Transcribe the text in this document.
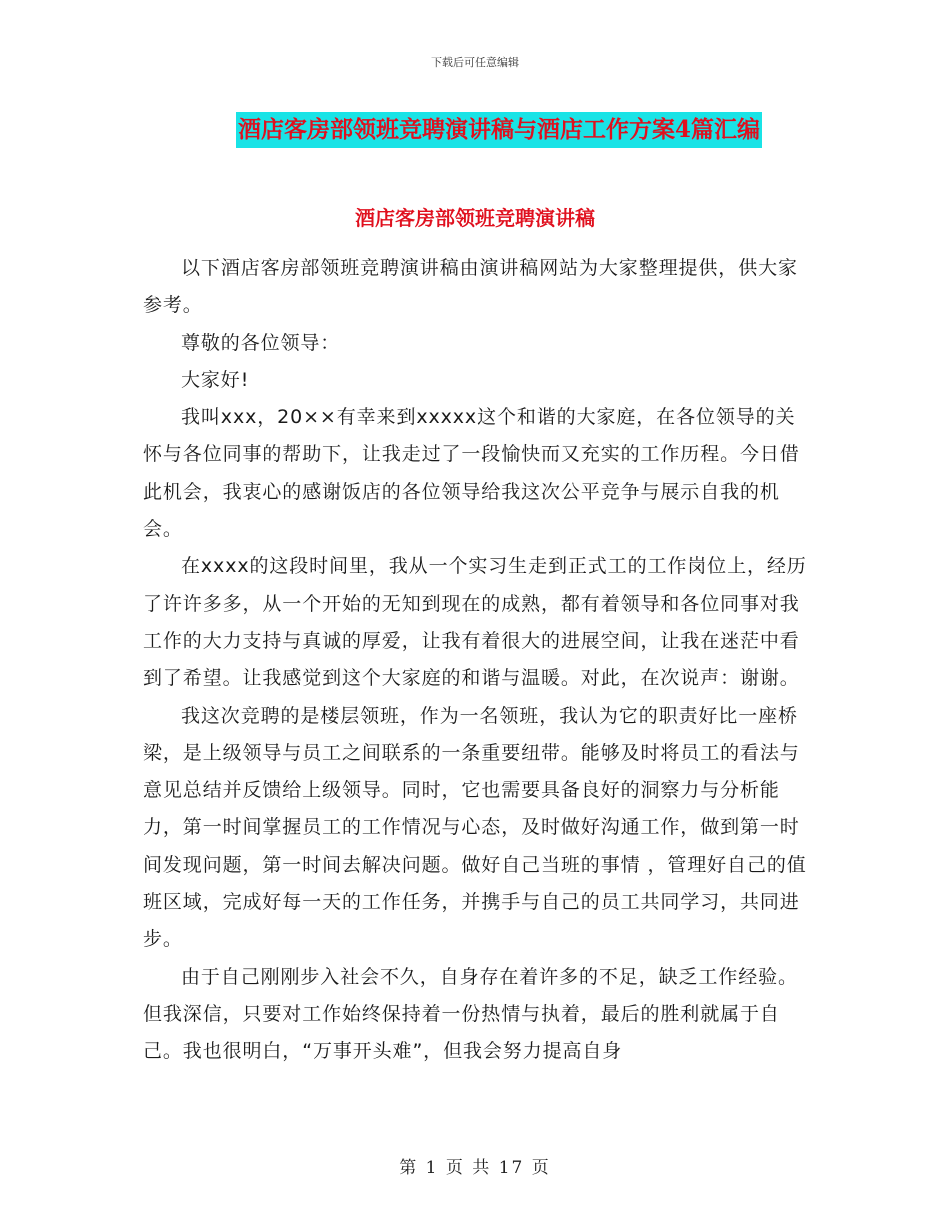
下载后可任意编辑
酒店客房部领班竞聘演讲稿与酒店工作方案4篇汇编
酒店客房部领班竞聘演讲稿

以下酒店客房部领班竞聘演讲稿由演讲稿网站为大家整理提供，供大家参考。

尊敬的各位领导：

大家好!

我叫xxx，20××有幸来到xxxxx这个和谐的大家庭，在各位领导的关怀与各位同事的帮助下，让我走过了一段愉快而又充实的工作历程。今日借此机会，我衷心的感谢饭店的各位领导给我这次公平竞争与展示自我的机会。

在xxxx的这段时间里，我从一个实习生走到正式工的工作岗位上，经历了许许多多，从一个开始的无知到现在的成熟，都有着领导和各位同事对我工作的大力支持与真诚的厚爱，让我有着很大的进展空间，让我在迷茫中看到了希望。让我感觉到这个大家庭的和谐与温暖。对此，在次说声：谢谢。

我这次竞聘的是楼层领班，作为一名领班，我认为它的职责好比一座桥梁，是上级领导与员工之间联系的一条重要纽带。能够及时将员工的看法与意见总结并反馈给上级领导。同时，它也需要具备良好的洞察力与分析能力，第一时间掌握员工的工作情况与心态，及时做好沟通工作，做到第一时间发现问题，第一时间去解决问题。做好自己当班的事情 ，管理好自己的值班区域，完成好每一天的工作任务，并携手与自己的员工共同学习，共同进步。

由于自己刚刚步入社会不久，自身存在着许多的不足，缺乏工作经验。但我深信，只要对工作始终保持着一份热情与执着，最后的胜利就属于自己。我也很明白，“万事开头难”，但我会努力提高自身

第 1 页 共 17 页
